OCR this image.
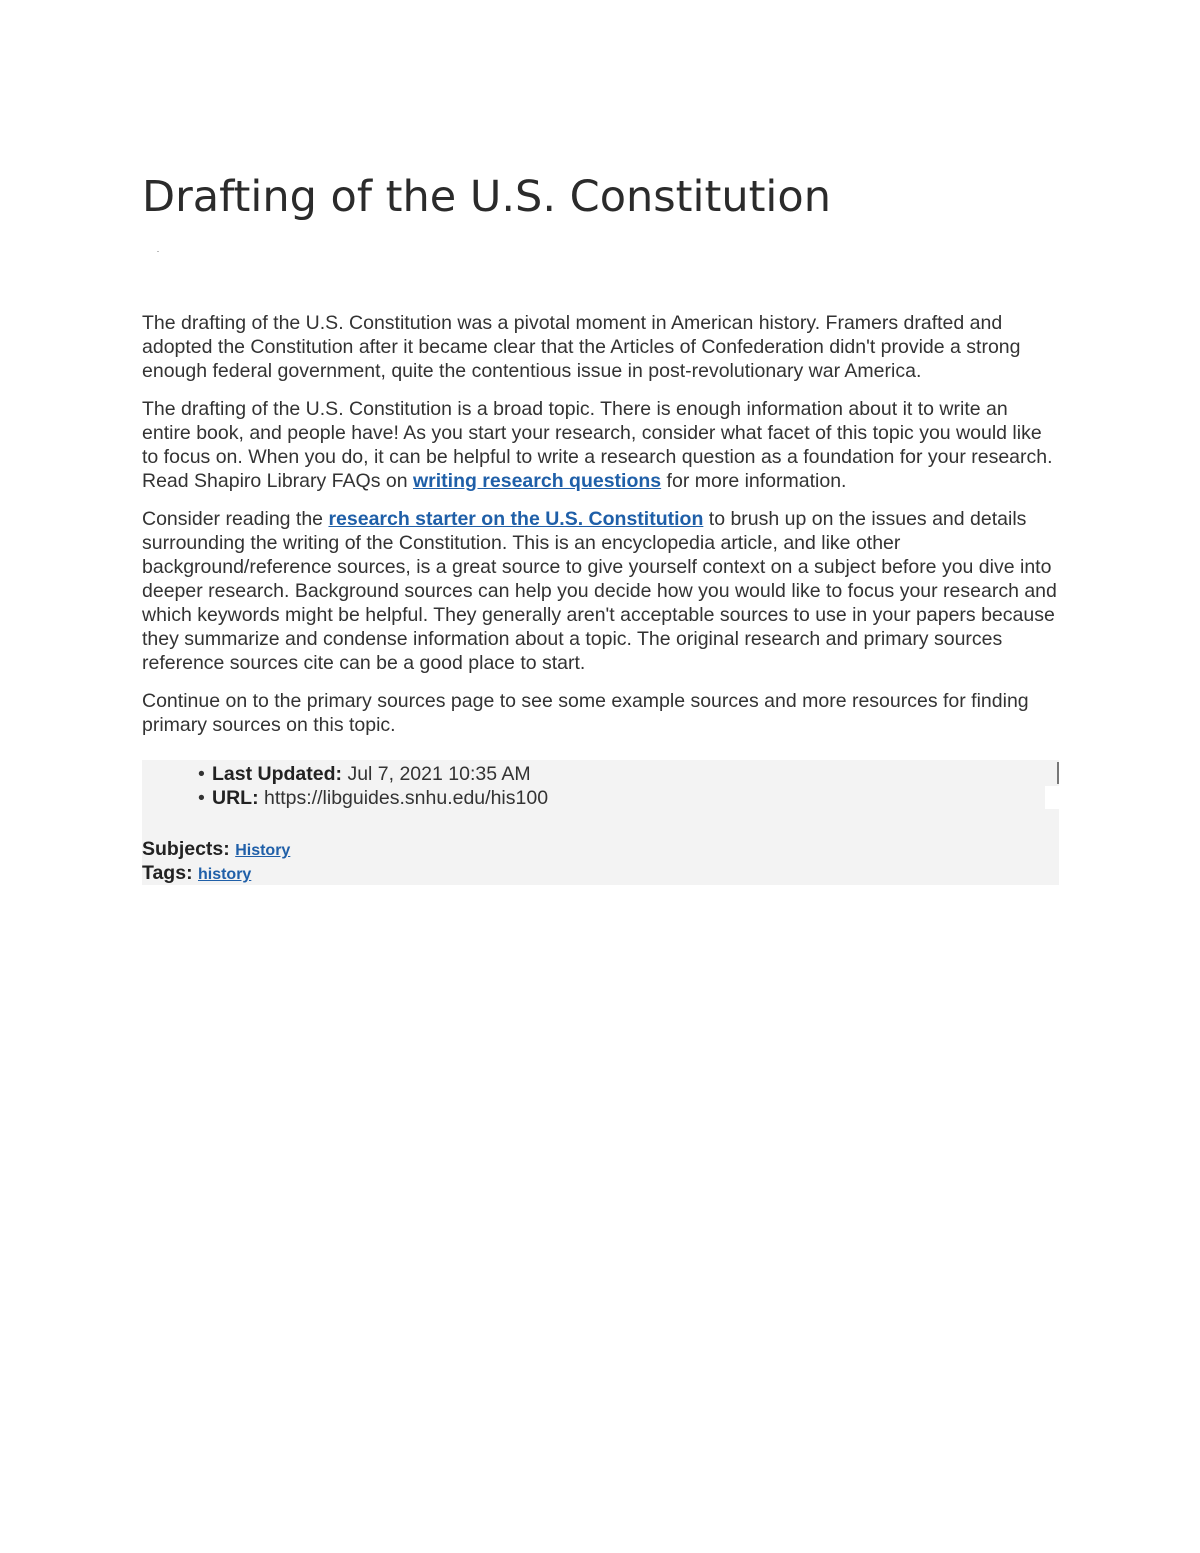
Drafting of the U.S. Constitution

The drafting of the U.S. Constitution was a pivotal moment in American history. Framers drafted and adopted the Constitution after it became clear that the Articles of Confederation didn't provide a strong enough federal government, quite the contentious issue in post-revolutionary war America.

The drafting of the U.S. Constitution is a broad topic. There is enough information about it to write an entire book, and people have! As you start your research, consider what facet of this topic you would like to focus on. When you do, it can be helpful to write a research question as a foundation for your research. Read Shapiro Library FAQs on writing research questions for more information.

Consider reading the research starter on the U.S. Constitution to brush up on the issues and details surrounding the writing of the Constitution. This is an encyclopedia article, and like other background/reference sources, is a great source to give yourself context on a subject before you dive into deeper research. Background sources can help you decide how you would like to focus your research and which keywords might be helpful. They generally aren't acceptable sources to use in your papers because they summarize and condense information about a topic. The original research and primary sources reference sources cite can be a good place to start.

Continue on to the primary sources page to see some example sources and more resources for finding primary sources on this topic.

• Last Updated: Jul 7, 2021 10:35 AM
• URL: https://libguides.snhu.edu/his100
Subjects: History
Tags: history
